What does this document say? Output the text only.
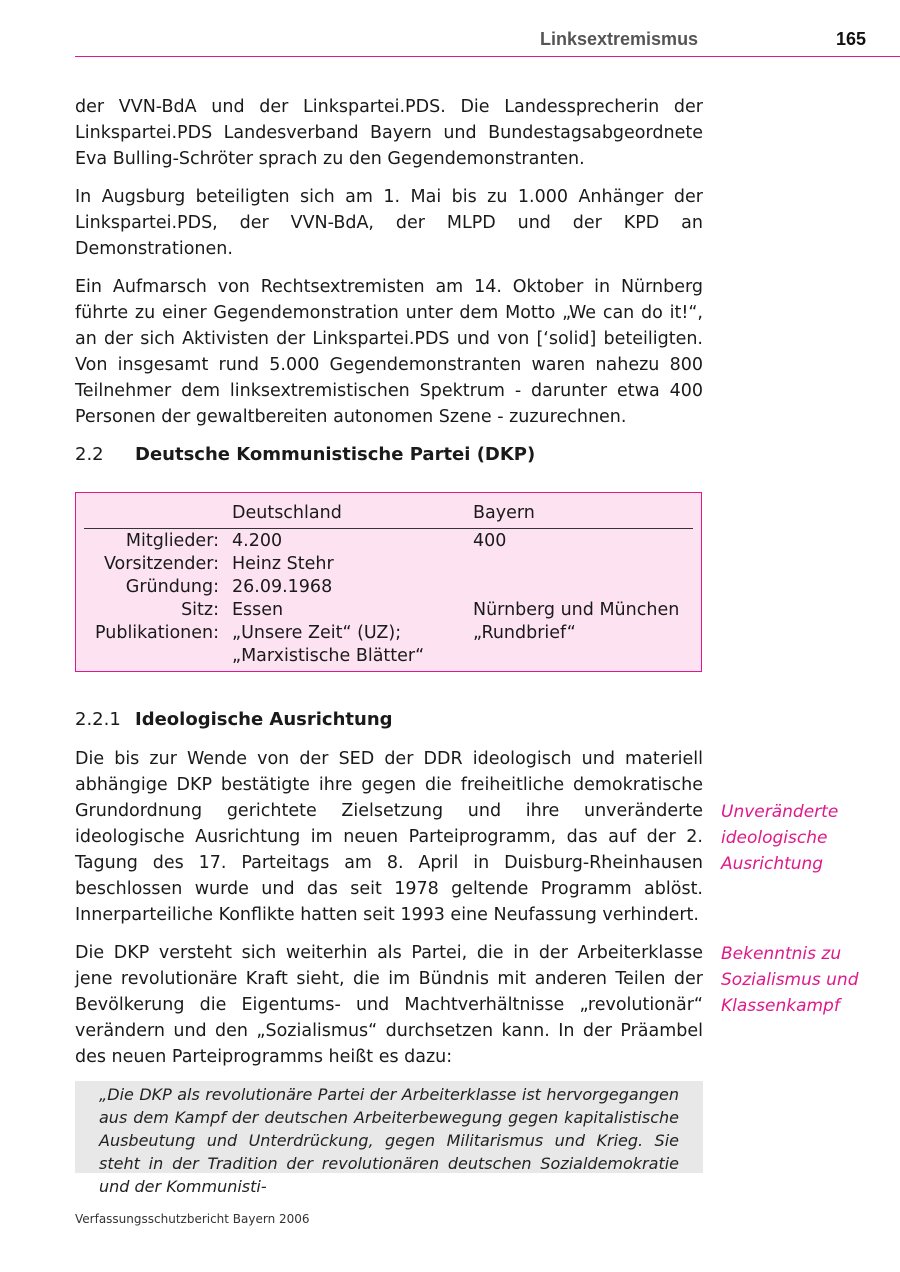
Linksextremismus	165

der VVN-BdA und der Linkspartei.PDS. Die Landessprecherin der Linkspartei.PDS Landesverband Bayern und Bundestagsabgeordnete Eva Bulling-Schröter sprach zu den Gegendemonstranten.

In Augsburg beteiligten sich am 1. Mai bis zu 1.000 Anhänger der Linkspartei.PDS, der VVN-BdA, der MLPD und der KPD an Demonstrationen.

Ein Aufmarsch von Rechtsextremisten am 14. Oktober in Nürnberg führte zu einer Gegendemonstration unter dem Motto „We can do it!“, an der sich Aktivisten der Linkspartei.PDS und von [‘solid] beteiligten. Von insgesamt rund 5.000 Gegendemonstranten waren nahezu 800 Teilnehmer dem linksextremistischen Spektrum - darunter etwa 400 Personen der gewaltbereiten autonomen Szene - zuzurechnen.

2.2 Deutsche Kommunistische Partei (DKP)
Deutschland	Bayern
Mitglieder: 4.200	400
Vorsitzender: Heinz Stehr
Gründung: 26.09.1968
Sitz: Essen	Nürnberg und München
Publikationen: „Unsere Zeit“ (UZ);	„Rundbrief“
„Marxistische Blätter“
2.2.1 Ideologische Ausrichtung

Die bis zur Wende von der SED der DDR ideologisch und materiell abhängige DKP bestätigte ihre gegen die freiheitliche demokratische Grundordnung gerichtete Zielsetzung und ihre unveränderte ideologische Ausrichtung im neuen Parteiprogramm, das auf der 2. Tagung des 17. Parteitags am 8. April in Duisburg-Rheinhausen beschlossen wurde und das seit 1978 geltende Programm ablöst. Innerparteiliche Konflikte hatten seit 1993 eine Neufassung verhindert.

Die DKP versteht sich weiterhin als Partei, die in der Arbeiterklasse jene revolutionäre Kraft sieht, die im Bündnis mit anderen Teilen der Bevölkerung die Eigentums- und Machtverhältnisse „revolutionär“ verändern und den „Sozialismus“ durchsetzen kann. In der Präambel des neuen Parteiprogramms heißt es dazu:

Unveränderte ideologische Ausrichtung
Bekenntnis zu Sozialismus und Klassenkampf
„Die DKP als revolutionäre Partei der Arbeiterklasse ist hervorgegangen aus dem Kampf der deutschen Arbeiterbewegung gegen kapitalistische Ausbeutung und Unterdrückung, gegen Militarismus und Krieg. Sie steht in der Tradition der revolutionären deutschen Sozialdemokratie und der Kommunisti-
Verfassungsschutzbericht Bayern 2006
